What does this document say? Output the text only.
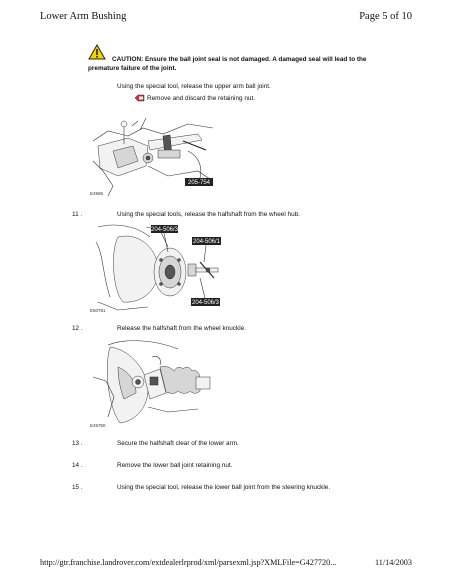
Lower Arm Bushing	Page 5 of 10
CAUTION: Ensure the ball joint seal is not damaged. A damaged seal will lead to the
premature failure of the joint.
Using the special tool, release the upper arm ball joint.
Remove and discard the retaining nut.
205-754
E4596
11 .	Using the special tools, release the halfshaft from the wheel hub.
204-506/3
204-506/1
204-506/3
E50781
12 .	Release the halfshaft from the wheel knuckle.
E45750
13 .	Secure the halfshaft clear of the lower arm.
14 .	Remove the lower ball joint retaining nut.
15 .	Using the special tool, release the lower ball joint from the steering knuckle.
http://gtr.franchise.landrover.com/extdealerlrprod/xml/parsexml.jsp?XMLFile=G427720...	11/14/2003
